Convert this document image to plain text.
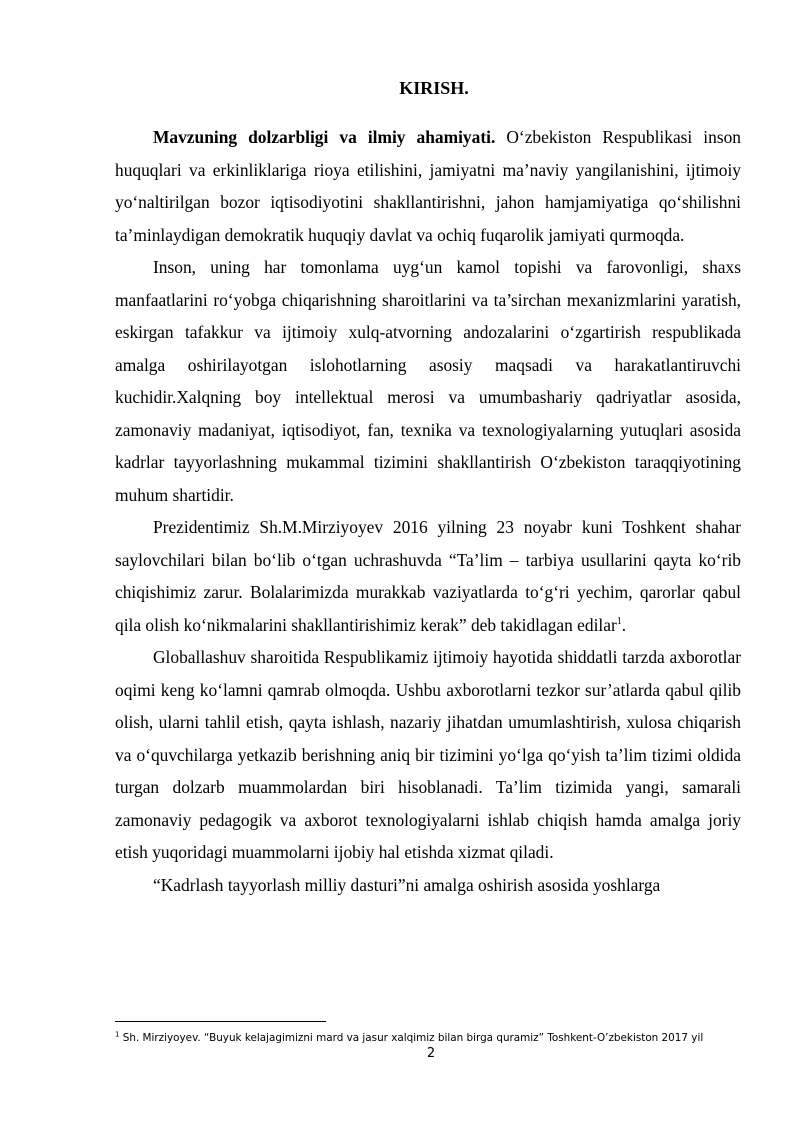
KIRISH.

Mavzuning dolzarbligi va ilmiy ahamiyati. O‘zbekiston Respublikasi inson huquqlari va erkinliklariga rioya etilishini, jamiyatni ma’naviy yangilanishini, ijtimoiy yo‘naltirilgan bozor iqtisodiyotini shakllantirishni, jahon hamjamiyatiga qo‘shilishni ta’minlaydigan demokratik huquqiy davlat va ochiq fuqarolik jamiyati qurmoqda.

Inson, uning har tomonlama uyg‘un kamol topishi va farovonligi, shaxs manfaatlarini ro‘yobga chiqarishning sharoitlarini va ta’sirchan mexanizmlarini yaratish, eskirgan tafakkur va ijtimoiy xulq-atvorning andozalarini o‘zgartirish respublikada amalga oshirilayotgan islohotlarning asosiy maqsadi va harakatlantiruvchi kuchidir.Xalqning boy intellektual merosi va umumbashariy qadriyatlar asosida, zamonaviy madaniyat, iqtisodiyot, fan, texnika va texnologiyalarning yutuqlari asosida kadrlar tayyorlashning mukammal tizimini shakllantirish O‘zbekiston taraqqiyotining muhum shartidir.

Prezidentimiz Sh.M.Mirziyoyev 2016 yilning 23 noyabr kuni Toshkent shahar saylovchilari bilan bo‘lib o‘tgan uchrashuvda “Ta’lim – tarbiya usullarini qayta ko‘rib chiqishimiz zarur. Bolalarimizda murakkab vaziyatlarda to‘g‘ri yechim, qarorlar qabul qila olish ko‘nikmalarini shakllantirishimiz kerak” deb takidlagan edilar$^1$.

Globallashuv sharoitida Respublikamiz ijtimoiy hayotida shiddatli tarzda axborotlar oqimi keng ko‘lamni qamrab olmoqda. Ushbu axborotlarni tezkor sur’atlarda qabul qilib olish, ularni tahlil etish, qayta ishlash, nazariy jihatdan umumlashtirish, xulosa chiqarish va o‘quvchilarga yetkazib berishning aniq bir tizimini yo‘lga qo‘yish ta’lim tizimi oldida turgan dolzarb muammolardan biri hisoblanadi. Ta’lim tizimida yangi, samarali zamonaviy pedagogik va axborot texnologiyalarni ishlab chiqish hamda amalga joriy etish yuqoridagi muammolarni ijobiy hal etishda xizmat qiladi.

“Kadrlash tayyorlash milliy dasturi”ni amalga oshirish asosida yoshlarga

$^1$ Sh. Mirziyoyev. “Buyuk kelajagimizni mard va jasur xalqimiz bilan birga quramiz” Toshkent-O’zbekiston 2017 yil
2
